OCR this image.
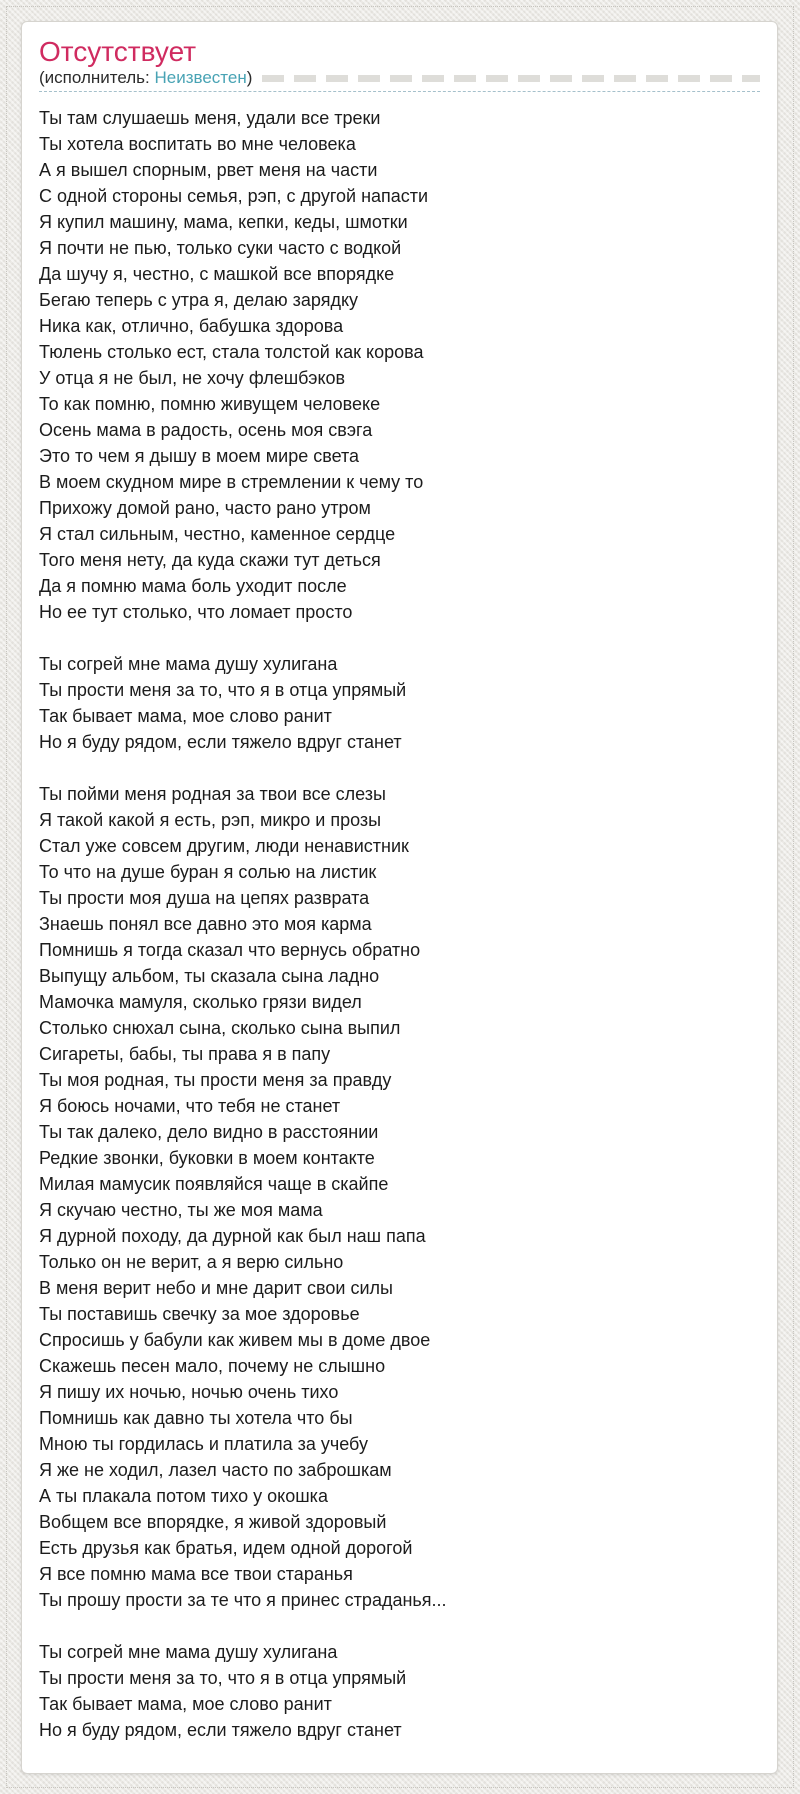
Отсутствует
(исполнитель: Неизвестен )

Ты там слушаешь меня, удали все треки
Ты хотела воспитать во мне человека
А я вышел спорным, рвет меня на части
С одной стороны семья, рэп, с другой напасти
Я купил машину, мама, кепки, кеды, шмотки
Я почти не пью, только суки часто с водкой
Да шучу я, честно, с машкой все впорядке
Бегаю теперь с утра я, делаю зарядку
Ника как, отлично, бабушка здорова
Тюлень столько ест, стала толстой как корова
У отца я не был, не хочу флешбэков
То как помню, помню живущем человеке
Осень мама в радость, осень моя свэга
Это то чем я дышу в моем мире света
В моем скудном мире в стремлении к чему то
Прихожу домой рано, часто рано утром
Я стал сильным, честно, каменное сердце
Того меня нету, да куда скажи тут деться
Да я помню мама боль уходит после
Но ее тут столько, что ломает просто

Ты согрей мне мама душу хулигана
Ты прости меня за то, что я в отца упрямый
Так бывает мама, мое слово ранит
Но я буду рядом, если тяжело вдруг станет

Ты пойми меня родная за твои все слезы
Я такой какой я есть, рэп, микро и прозы
Стал уже совсем другим, люди ненавистник
То что на душе буран я солью на листик
Ты прости моя душа на цепях разврата
Знаешь понял все давно это моя карма
Помнишь я тогда сказал что вернусь обратно
Выпущу альбом, ты сказала сына ладно
Мамочка мамуля, сколько грязи видел
Столько снюхал сына, сколько сына выпил
Сигареты, бабы, ты права я в папу
Ты моя родная, ты прости меня за правду
Я боюсь ночами, что тебя не станет
Ты так далеко, дело видно в расстоянии
Редкие звонки, буковки в моем контакте
Милая мамусик появляйся чаще в скайпе
Я скучаю честно, ты же моя мама
Я дурной походу, да дурной как был наш папа
Только он не верит, а я верю сильно
В меня верит небо и мне дарит свои силы
Ты поставишь свечку за мое здоровье
Спросишь у бабули как живем мы в доме двое
Скажешь песен мало, почему не слышно
Я пишу их ночью, ночью очень тихо
Помнишь как давно ты хотела что бы
Мною ты гордилась и платила за учебу
Я же не ходил, лазел часто по заброшкам
А ты плакала потом тихо у окошка
Вобщем все впорядке, я живой здоровый
Есть друзья как братья, идем одной дорогой
Я все помню мама все твои старанья
Ты прошу прости за те что я принес страданья...

Ты согрей мне мама душу хулигана
Ты прости меня за то, что я в отца упрямый
Так бывает мама, мое слово ранит
Но я буду рядом, если тяжело вдруг станет
